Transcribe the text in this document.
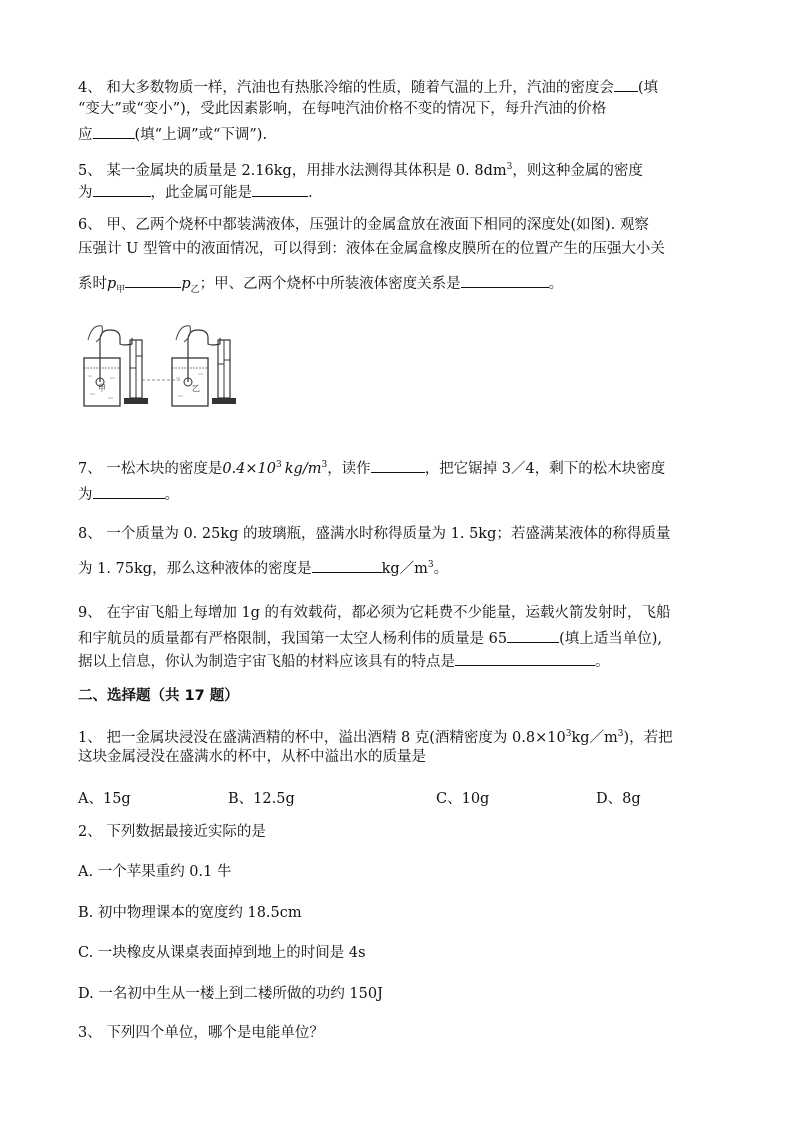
4、 和大多数物质一样，汽油也有热胀冷缩的性质，随着气温的上升，汽油的密度会 (填
“变大”或“变小”)，受此因素影响，在每吨汽油价格不变的情况下，每升汽油的价格
应	(填“上调”或“下调”).
5、 某一金属块的质量是 2.16kg，用排水法测得其体积是 0. $8dm^3$，则这种金属的密度
为	，此金属可能是	.
6、 甲、乙两个烧杯中都装满液体，压强计的金属盒放在液面下相同的深度处(如图). 观察
压强计 U 型管中的液面情况，可以得到：液体在金属盒橡皮膜所在的位置产生的压强大小关
系时$p_甲$	$p_乙$；甲、乙两个烧杯中所装液体密度关系是	。
甲	乙
7、 一松木块的密度是$0.4\times 10^3$ $kg/m^3$，读作	，把它锯掉 3／4，剩下的松木块密度
为	。
8、 一个质量为 0. 25kg 的玻璃瓶，盛满水时称得质量为 1. 5kg；若盛满某液体的称得质量
为 1. 75kg，那么这种液体的密度是	$kg/m^3$。
9、 在宇宙飞船上每增加 1g 的有效载荷，都必须为它耗费不少能量，运载火箭发射时，飞船
和宇航员的质量都有严格限制，我国第一太空人杨利伟的质量是 65	(填上适当单位),
据以上信息，你认为制造宇宙飞船的材料应该具有的特点是	。
二、选择题（共 17 题）
1、 把一金属块浸没在盛满酒精的杯中，溢出酒精 8 克(酒精密度为 $0.8\times 10^3kg/m^3$)，若把
这块金属浸没在盛满水的杯中，从杯中溢出水的质量是
A、15g	B、12.5g	C、10g	D、8g
2、 下列数据最接近实际的是
A. 一个苹果重约 0.1 牛
B. 初中物理课本的宽度约 18.5cm
C. 一块橡皮从课桌表面掉到地上的时间是 4s
D. 一名初中生从一楼上到二楼所做的功约 150J
3、 下列四个单位，哪个是电能单位？
